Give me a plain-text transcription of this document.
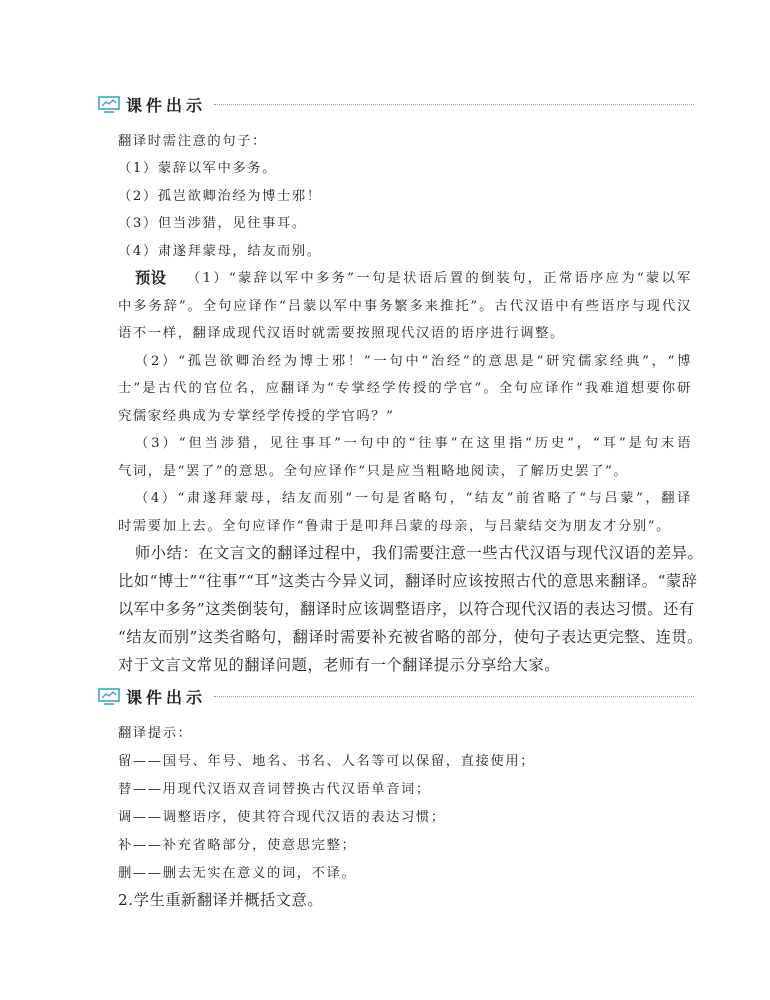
课件出示
翻译时需注意的句子：
（1）蒙辞以军中多务。
（2）孤岂欲卿治经为博士邪！
（3）但当涉猎，见往事耳。
（4）肃遂拜蒙母，结友而别。
预设 （1）“蒙辞以军中多务”一句是状语后置的倒装句，正常语序应为“蒙以军
中多务辞”。全句应译作“吕蒙以军中事务繁多来推托”。古代汉语中有些语序与现代汉
语不一样，翻译成现代汉语时就需要按照现代汉语的语序进行调整。
（2）“孤岂欲卿治经为博士邪！”一句中“治经”的意思是“研究儒家经典”，“博
士”是古代的官位名，应翻译为“专掌经学传授的学官”。全句应译作“我难道想要你研
究儒家经典成为专掌经学传授的学官吗？”
（3）“但当涉猎，见往事耳”一句中的“往事”在这里指“历史”，“耳”是句末语
气词，是“罢了”的意思。全句应译作“只是应当粗略地阅读，了解历史罢了”。
（4）“肃遂拜蒙母，结友而别”一句是省略句，“结友”前省略了“与吕蒙”，翻译
时需要加上去。全句应译作“鲁肃于是叩拜吕蒙的母亲，与吕蒙结交为朋友才分别”。
师小结：在文言文的翻译过程中，我们需要注意一些古代汉语与现代汉语的差异。
比如“博士”“往事”“耳”这类古今异义词，翻译时应该按照古代的意思来翻译。“蒙辞
以军中多务”这类倒装句，翻译时应该调整语序，以符合现代汉语的表达习惯。还有
“结友而别”这类省略句，翻译时需要补充被省略的部分，使句子表达更完整、连贯。
对于文言文常见的翻译问题，老师有一个翻译提示分享给大家。
课件出示
翻译提示：
留——国号、年号、地名、书名、人名等可以保留，直接使用；
替——用现代汉语双音词替换古代汉语单音词；
调——调整语序，使其符合现代汉语的表达习惯；
补——补充省略部分，使意思完整；
删——删去无实在意义的词，不译。
2.学生重新翻译并概括文意。
